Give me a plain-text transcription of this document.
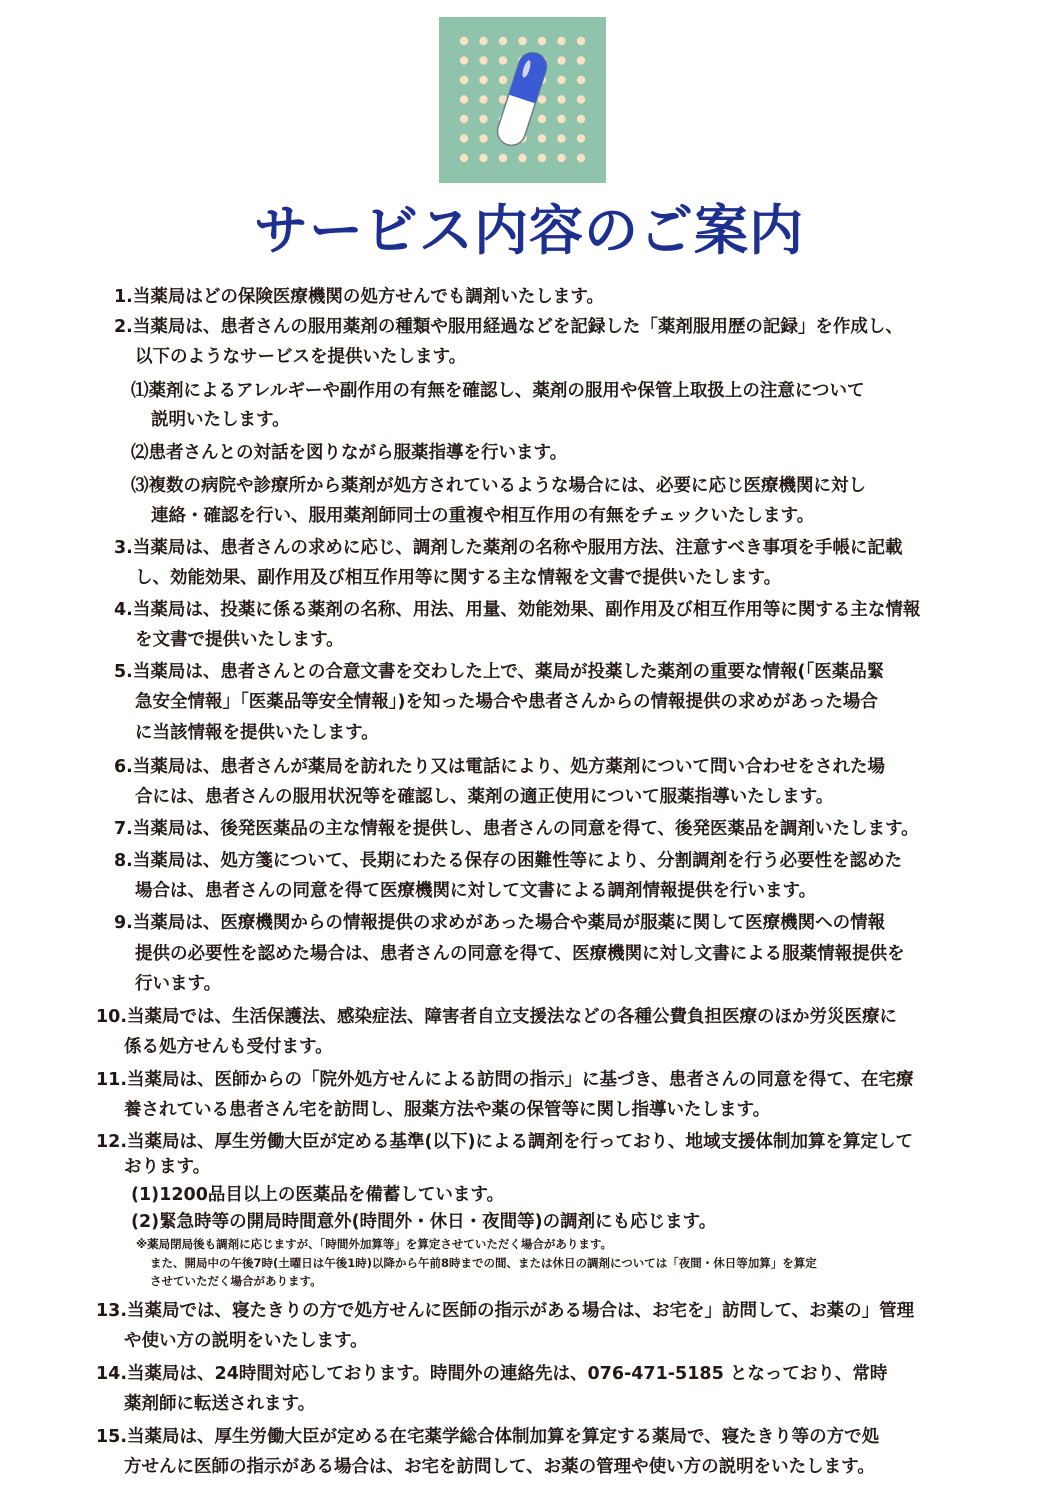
サービス内容のご案内
1.当薬局はどの保険医療機関の処方せんでも調剤いたします。
2.当薬局は、患者さんの服用薬剤の種類や服用経過などを記録した「薬剤服用歴の記録」を作成し、
以下のようなサービスを提供いたします。
⑴薬剤によるアレルギーや副作用の有無を確認し、薬剤の服用や保管上取扱上の注意について
説明いたします。
⑵患者さんとの対話を図りながら服薬指導を行います。
⑶複数の病院や診療所から薬剤が処方されているような場合には、必要に応じ医療機関に対し
連絡・確認を行い、服用薬剤師同士の重複や相互作用の有無をチェックいたします。
3.当薬局は、患者さんの求めに応じ、調剤した薬剤の名称や服用方法、注意すべき事項を手帳に記載
し、効能効果、副作用及び相互作用等に関する主な情報を文書で提供いたします。
4.当薬局は、投薬に係る薬剤の名称、用法、用量、効能効果、副作用及び相互作用等に関する主な情報
を文書で提供いたします。
5.当薬局は、患者さんとの合意文書を交わした上で、薬局が投薬した薬剤の重要な情報(「医薬品緊
急安全情報」「医薬品等安全情報」)を知った場合や患者さんからの情報提供の求めがあった場合
に当該情報を提供いたします。
6.当薬局は、患者さんが薬局を訪れたり又は電話により、処方薬剤について問い合わせをされた場
合には、患者さんの服用状況等を確認し、薬剤の適正使用について服薬指導いたします。
7.当薬局は、後発医薬品の主な情報を提供し、患者さんの同意を得て、後発医薬品を調剤いたします。
8.当薬局は、処方箋について、長期にわたる保存の困難性等により、分割調剤を行う必要性を認めた
場合は、患者さんの同意を得て医療機関に対して文書による調剤情報提供を行います。
9.当薬局は、医療機関からの情報提供の求めがあった場合や薬局が服薬に関して医療機関への情報
提供の必要性を認めた場合は、患者さんの同意を得て、医療機関に対し文書による服薬情報提供を
行います。
10.当薬局では、生活保護法、感染症法、障害者自立支援法などの各種公費負担医療のほか労災医療に
係る処方せんも受付ます。
11.当薬局は、医師からの「院外処方せんによる訪問の指示」に基づき、患者さんの同意を得て、在宅療
養されている患者さん宅を訪問し、服薬方法や薬の保管等に関し指導いたします。
12.当薬局は、厚生労働大臣が定める基準(以下)による調剤を行っており、地域支援体制加算を算定して
おります。
(1)1200品目以上の医薬品を備蓄しています。
(2)緊急時等の開局時間意外(時間外・休日・夜間等)の調剤にも応じます。
※薬局閉局後も調剤に応じますが、「時間外加算等」を算定させていただく場合があります。
また、開局中の午後7時(土曜日は午後1時)以降から午前8時までの間、または休日の調剤については「夜間・休日等加算」を算定
させていただく場合があります。
13.当薬局では、寝たきりの方で処方せんに医師の指示がある場合は、お宅を」訪問して、お薬の」管理
や使い方の説明をいたします。
14.当薬局は、24時間対応しております。時間外の連絡先は、076-471-5185 となっており、常時
薬剤師に転送されます。
15.当薬局は、厚生労働大臣が定める在宅薬学総合体制加算を算定する薬局で、寝たきり等の方で処
方せんに医師の指示がある場合は、お宅を訪問して、お薬の管理や使い方の説明をいたします。
